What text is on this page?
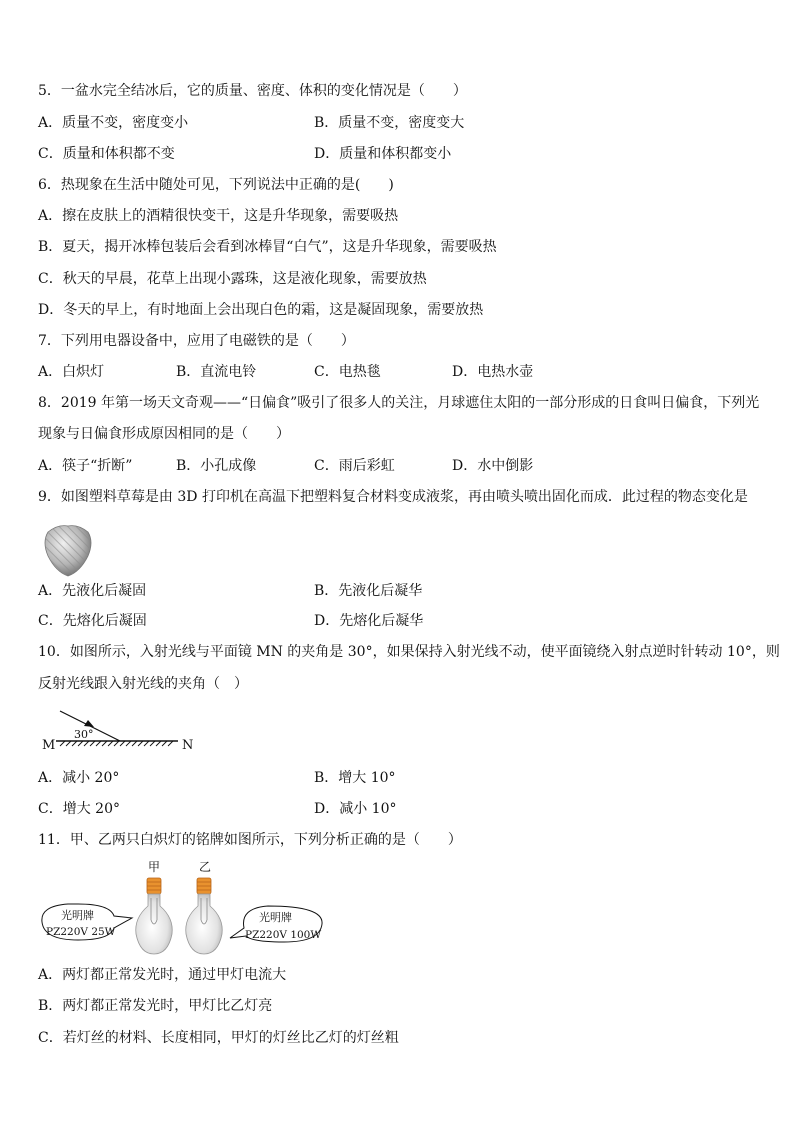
5．一盆水完全结冰后，它的质量、密度、体积的变化情况是（　　）
A．质量不变，密度变小	B．质量不变，密度变大
C．质量和体积都不变	D．质量和体积都变小
6．热现象在生活中随处可见，下列说法中正确的是(　　)
A．擦在皮肤上的酒精很快变干，这是升华现象，需要吸热
B．夏天，揭开冰棒包装后会看到冰棒冒“白气”，这是升华现象，需要吸热
C．秋天的早晨，花草上出现小露珠，这是液化现象，需要放热
D．冬天的早上，有时地面上会出现白色的霜，这是凝固现象，需要放热
7．下列用电器设备中，应用了电磁铁的是（　　）
A．白炽灯	B．直流电铃	C．电热毯	D．电热水壶
8．2019 年第一场天文奇观——“日偏食”吸引了很多人的关注，月球遮住太阳的一部分形成的日食叫日偏食，下列光
现象与日偏食形成原因相同的是（　　）
A．筷子“折断”	B．小孔成像	C．雨后彩虹	D．水中倒影
9．如图塑料草莓是由 3D 打印机在高温下把塑料复合材料变成液浆，再由喷头喷出固化而成．此过程的物态变化是
A．先液化后凝固	B．先液化后凝华
C．先熔化后凝固	D．先熔化后凝华
10．如图所示，入射光线与平面镜 MN 的夹角是 30°，如果保持入射光线不动，使平面镜绕入射点逆时针转动 10°，则
反射光线跟入射光线的夹角（　）
M	N
30°
A．减小 20°	B．增大 10°
C．增大 20°	D．减小 10°
11．甲、乙两只白炽灯的铭牌如图所示，下列分析正确的是（　　）
甲	乙
光明牌
PZ220V 25W
光明牌
PZ220V 100W
A．两灯都正常发光时，通过甲灯电流大
B．两灯都正常发光时，甲灯比乙灯亮
C．若灯丝的材料、长度相同，甲灯的灯丝比乙灯的灯丝粗
